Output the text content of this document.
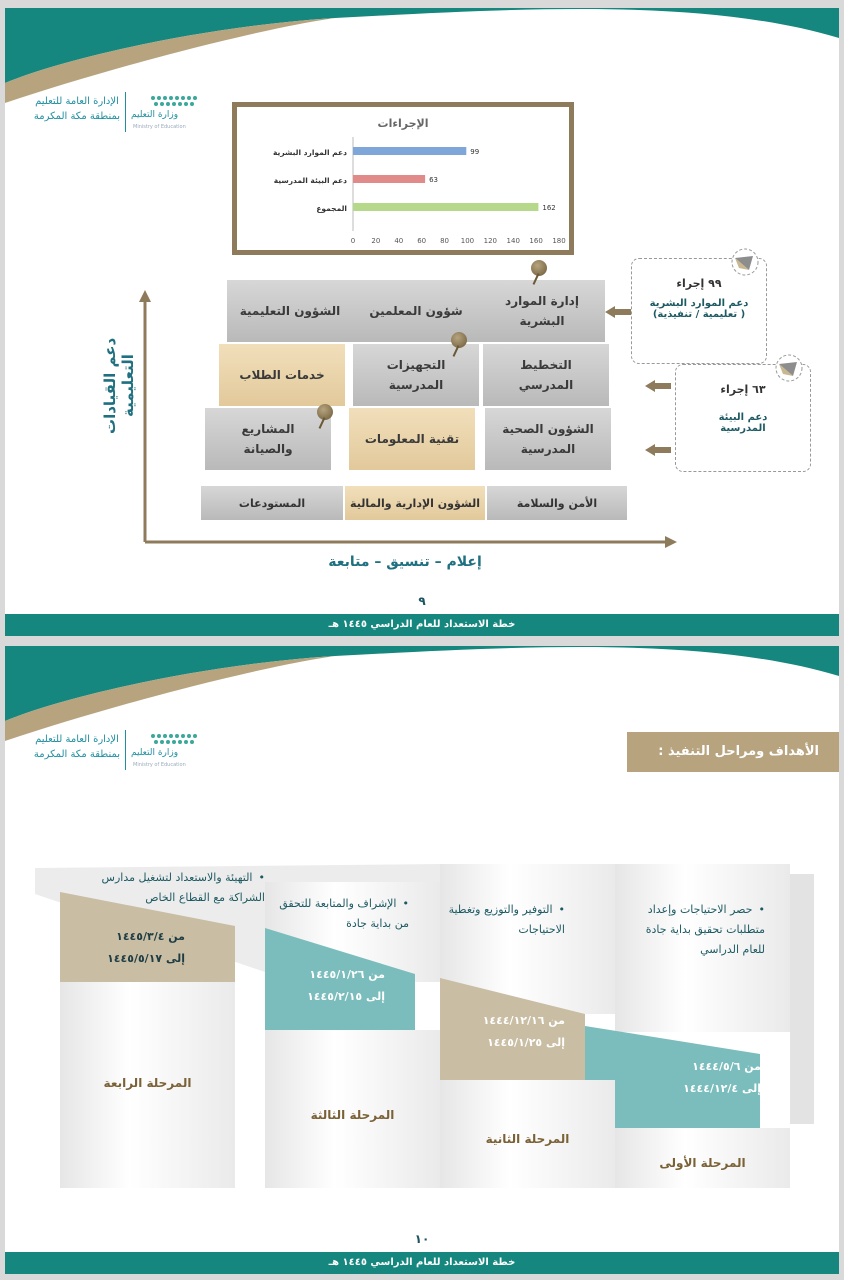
الإدارة العامة للتعليم
بمنطقة مكة المكرمة وزارة التعليم
Ministry of Education	الإجراءات
0 20 40 60 80 100 120 140 160 180
دعم الموارد البشرية	99
دعم البيئة المدرسية	63
المجموع	162
دعم القيادات التعليمية
إعلام – تنسيق – متابعة
إدارة الموارد البشرية
شؤون المعلمين
الشؤون التعليمية
التخطيط المدرسي
التجهيزات المدرسية
خدمات الطلاب
الشؤون الصحية المدرسية
تقنية المعلومات
المشاريع والصيانة
الأمن والسلامة
الشؤون الإدارية والمالية
المستودعات
٩٩ إجراء
دعم الموارد البشرية
( تعليمية / تنفيذية)
٦٣ إجراء
دعم البيئة
المدرسية
٩
خطة الاستعداد للعام الدراسي ١٤٤٥ هـ
الإدارة العامة للتعليم
بمنطقة مكة المكرمة وزارة التعليم
Ministry of Education
الأهداف ومراحل التنفيذ :
• حصر الاحتياجات وإعداد متطلبات تحقيق بداية جادة للعام الدراسي
• التوفير والتوزيع وتغطية الاحتياجات
• الإشراف والمتابعة للتحقق من بداية جادة
• التهيئة والاستعداد لتشغيل مدارس الشراكة مع القطاع الخاص
من ١٤٤٤/٥/٦
إلى ١٤٤٤/١٢/٤
من ١٤٤٤/١٢/١٦
إلى ١٤٤٥/١/٢٥
من ١٤٤٥/١/٢٦
إلى ١٤٤٥/٢/١٥
من ١٤٤٥/٣/٤
إلى ١٤٤٥/٥/١٧
المرحلة الأولى
المرحلة الثانية
المرحلة الثالثة
المرحلة الرابعة
١٠
خطة الاستعداد للعام الدراسي ١٤٤٥ هـ
